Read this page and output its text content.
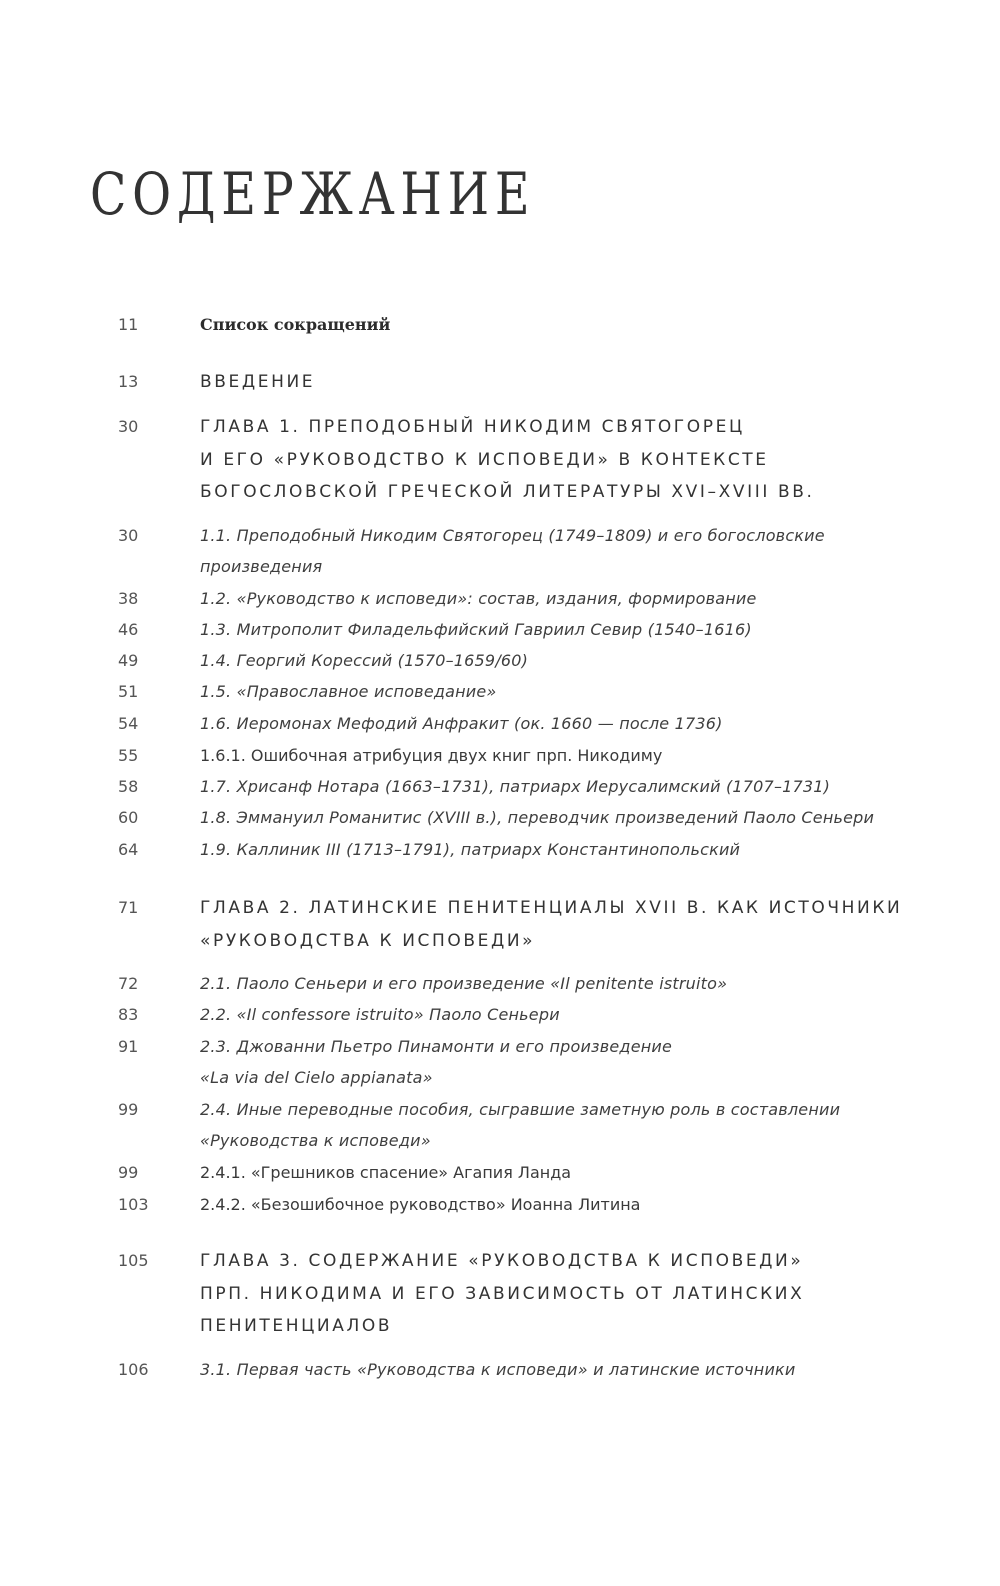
СОДЕРЖАНИЕ
11	Список сокращений
13	ВВЕДЕНИЕ
30	ГЛАВА 1. ПРЕПОДОБНЫЙ НИКОДИМ СВЯТОГОРЕЦ
И ЕГО «РУКОВОДСТВО К ИСПОВЕДИ» В КОНТЕКСТЕ
БОГОСЛОВСКОЙ ГРЕЧЕСКОЙ ЛИТЕРАТУРЫ XVI–XVIII ВВ.
30	1.1. Преподобный Никодим Святогорец (1749–1809) и его богословские
произведения
38	1.2. «Руководство к исповеди»: состав, издания, формирование
46	1.3. Митрополит Филадельфийский Гавриил Севир (1540–1616)
49	1.4. Георгий Корессий (1570–1659/60)
51	1.5. «Православное исповедание»
54	1.6. Иеромонах Мефодий Анфракит (ок. 1660 — после 1736)
55	1.6.1. Ошибочная атрибуция двух книг прп. Никодиму
58	1.7. Хрисанф Нотара (1663–1731), патриарх Иерусалимский (1707–1731)
60	1.8. Эммануил Романитис (XVIII в.), переводчик произведений Паоло Сеньери
64	1.9. Каллиник III (1713–1791), патриарх Константинопольский
71	ГЛАВА 2. ЛАТИНСКИЕ ПЕНИТЕНЦИАЛЫ XVII В. КАК ИСТОЧНИКИ
«РУКОВОДСТВА К ИСПОВЕДИ»
72	2.1. Паоло Сеньери и его произведение «Il penitente istruito»
83	2.2. «Il confessore istruito» Паоло Сеньери
91	2.3. Джованни Пьетро Пинамонти и его произведение
«La via del Cielo appianata»
99	2.4. Иные переводные пособия, сыгравшие заметную роль в составлении
«Руководства к исповеди»
99	2.4.1. «Грешников спасение» Агапия Ланда
103	2.4.2. «Безошибочное руководство» Иоанна Литина
105	ГЛАВА 3. СОДЕРЖАНИЕ «РУКОВОДСТВА К ИСПОВЕДИ»
ПРП. НИКОДИМА И ЕГО ЗАВИСИМОСТЬ ОТ ЛАТИНСКИХ
ПЕНИТЕНЦИАЛОВ
106	3.1. Первая часть «Руководства к исповеди» и латинские источники
